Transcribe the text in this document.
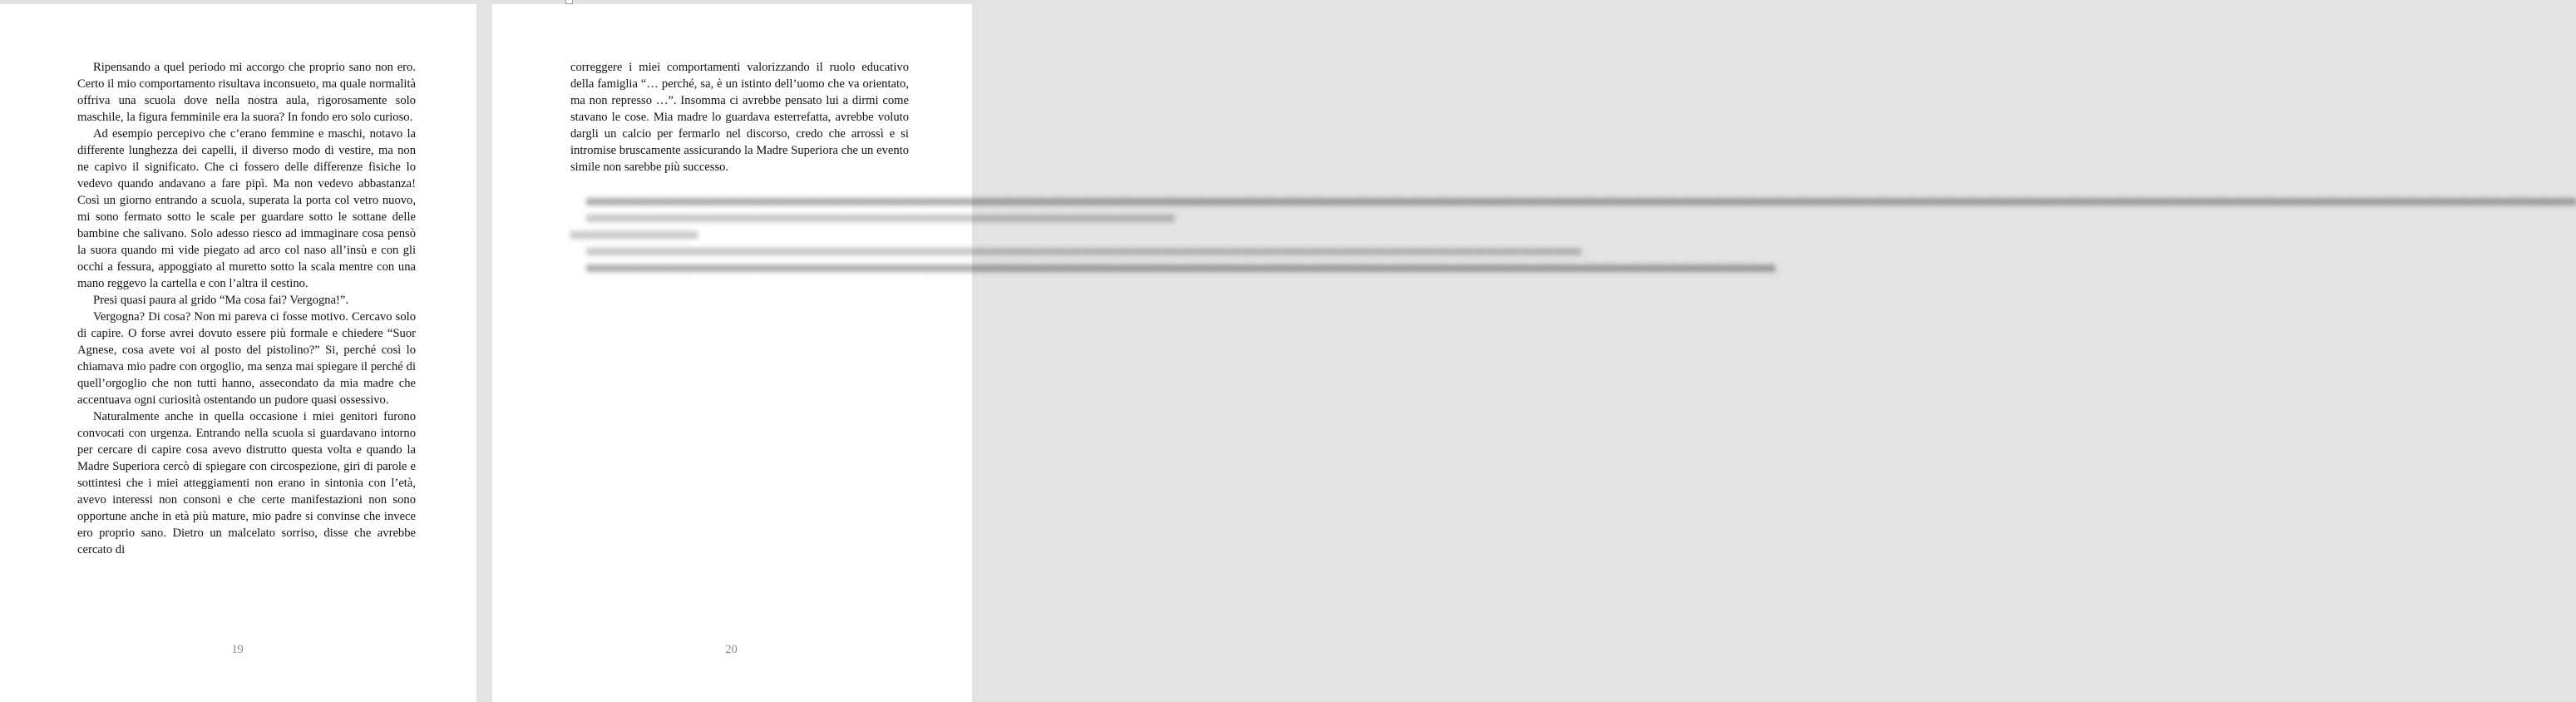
Ripensando a quel periodo mi accorgo che proprio sano non ero. Certo il mio comportamento risultava inconsueto, ma quale normalità offriva una scuola dove nella nostra aula, rigorosamente solo maschile, la figura femminile era la suora? In fondo ero solo curioso.

Ad esempio percepivo che c’erano femmine e maschi, notavo la differente lunghezza dei capelli, il diverso modo di vestire, ma non ne capivo il significato. Che ci fossero delle differenze fisiche lo vedevo quando andavano a fare pipì. Ma non vedevo abbastanza! Così un giorno entrando a scuola, superata la porta col vetro nuovo, mi sono fermato sotto le scale per guardare sotto le sottane delle bambine che salivano. Solo adesso riesco ad immaginare cosa pensò la suora quando mi vide piegato ad arco col naso all’insù e con gli occhi a fessura, appoggiato al muretto sotto la scala mentre con una mano reggevo la cartella e con l’altra il cestino.

Presi quasi paura al grido “Ma cosa fai? Vergogna!”.

Vergogna? Di cosa? Non mi pareva ci fosse motivo. Cercavo solo di capire. O forse avrei dovuto essere più formale e chiedere “Suor Agnese, cosa avete voi al posto del pistolino?” Si, perché così lo chiamava mio padre con orgoglio, ma senza mai spiegare il perché di quell’orgoglio che non tutti hanno, assecondato da mia madre che accentuava ogni curiosità ostentando un pudore quasi ossessivo.

Naturalmente anche in quella occasione i miei genitori furono convocati con urgenza. Entrando nella scuola si guardavano intorno per cercare di capire cosa avevo distrutto questa volta e quando la Madre Superiora cercò di spiegare con circospezione, giri di parole e sottintesi che i miei atteggiamenti non erano in sintonia con l’età, avevo interessi non consoni e che certe manifestazioni non sono opportune anche in età più mature, mio padre si convinse che invece ero proprio sano. Dietro un malcelato sorriso, disse che avrebbe cercato di

19

correggere i miei comportamenti valorizzando il ruolo educativo della famiglia “… perché, sa, è un istinto dell’uomo che va orientato, ma non represso …”. Insomma ci avrebbe pensato lui a dirmi come stavano le cose. Mia madre lo guardava esterrefatta, avrebbe voluto dargli un calcio per fermarlo nel discorso, credo che arrossì e si intromise bruscamente assicurando la Madre Superiora che un evento simile non sarebbe più successo.

xxxxxxxxxxxxxxxxxxxxxxxxxxxxxxxxxxxxxxxxxxxxxxxxxxxxxxxxxxxxxxxxxxxxxxxxxxxxxxxxxxxxxxxxxxxxxxxxxxxxxxxxxxxxxxxxxxxxxxxxxxxxxxxxxxxxxxxxxxxxxxxxxxxxxxxxxxxxxxxxxxxxxxxxxxxxxxxxxxxxxxxxxxxxxxxxxxxxxxxxxxxxxxxxxxxxxxxxxxxxxxxxxxxxxxxxxxxxxxxxxxxxxxxxxxxxxxxxxxxxxxxxxxxxxxxxxxxxxxxxxxxxxxxxxxxxxxxxxxxxxxxxxxxxxxxxxxxxxxxxxxxxxxxx

xxxxxxxxxxxxxxxxxxxxxxxxxxxxxxxxxxxxxxxxxxxxxxxxxxxxxxxxxxxxxxxxxxxxxxxxxxxxxxxxxxxxxxxxxxxxxxxxx

xxxxxxxxxxxxxxxxxxxxx

xxxxxxxxxxxxxxxxxxxxxxxxxxxxxxxxxxxxxxxxxxxxxxxxxxxxxxxxxxxxxxxxxxxxxxxxxxxxxxxxxxxxxxxxxxxxxxxxxxxxxxxxxxxxxxxxxxxxxxxxxxxxxxxxxxxxxxxxxxxxxxxxxxxxxxxxxxxxxxxxxxxx

xxxxxxxxxxxxxxxxxxxxxxxxxxxxxxxxxxxxxxxxxxxxxxxxxxxxxxxxxxxxxxxxxxxxxxxxxxxxxxxxxxxxxxxxxxxxxxxxxxxxxxxxxxxxxxxxxxxxxxxxxxxxxxxxxxxxxxxxxxxxxxxxxxxxxxxxxxxxxxxxxxxxxxxxxxxxxxxxxxxxxxxxxxxxxxxxxxxx

20
